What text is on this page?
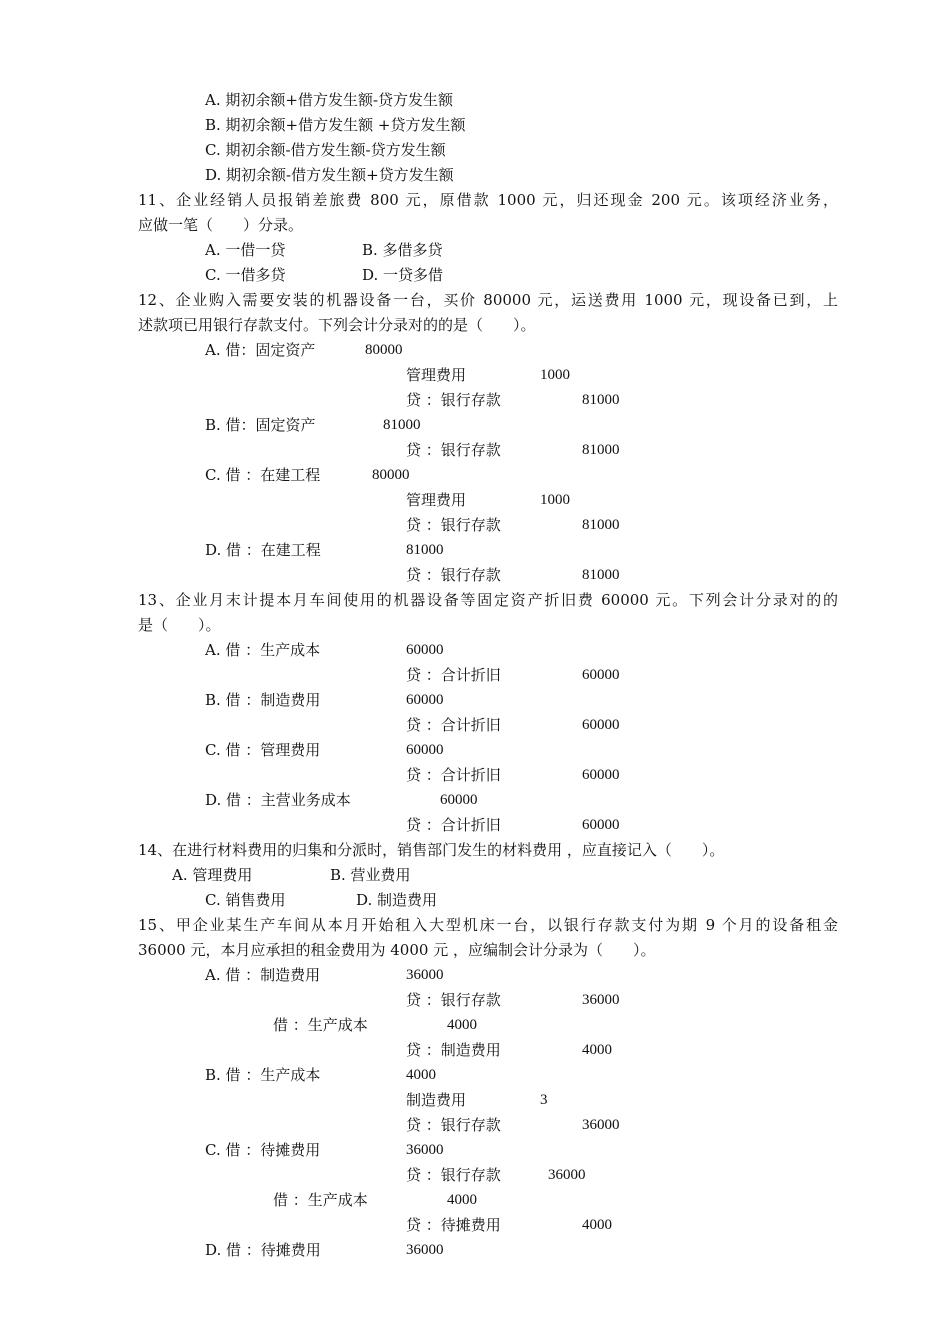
A. 期初余额+借方发生额-贷方发生额
B. 期初余额+借方发生额 +贷方发生额
C. 期初余额-借方发生额-贷方发生额
D. 期初余额-借方发生额+贷方发生额
11、企业经销人员报销差旅费 800 元，原借款 1000 元，归还现金 200 元。该项经济业务，
应做一笔（　　）分录。
A. 一借一贷	B. 多借多贷
C. 一借多贷	D. 一贷多借
12、企业购入需要安装的机器设备一台，买价 80000 元，运送费用 1000 元，现设备已到，上
述款项已用银行存款支付。下列会计分录对的的是（　　）。
A. 借：固定资产	80000
管理费用	1000
贷 ：银行存款	81000
B. 借：固定资产	81000
贷 ：银行存款	81000
C. 借 ：在建工程	80000
管理费用	1000
贷 ：银行存款	81000
D. 借 ：在建工程	81000
贷 ：银行存款	81000
13、企业月末计提本月车间使用的机器设备等固定资产折旧费 60000 元。下列会计分录对的的
是（　　）。
A. 借 ：生产成本	60000
贷 ：合计折旧	60000
B. 借 ：制造费用	60000
贷 ：合计折旧	60000
C. 借 ：管理费用	60000
贷 ：合计折旧	60000
D. 借 ：主营业务成本	60000
贷 ：合计折旧	60000
14、在进行材料费用的归集和分派时，销售部门发生的材料费用 ，应直接记入（　　）。
A. 管理费用	B. 营业费用
C. 销售费用	D. 制造费用
15、甲企业某生产车间从本月开始租入大型机床一台，以银行存款支付为期 9 个月的设备租金
36000 元，本月应承担的租金费用为 4000 元 ，应编制会计分录为（　　）。
A. 借 ：制造费用	36000
贷 ：银行存款	36000
借 ：生产成本	4000
贷 ：制造费用	4000
B. 借 ：生产成本	4000
制造费用	3
贷 ：银行存款	36000
C. 借 ：待摊费用	36000
贷 ：银行存款	36000
借 ：生产成本	4000
贷 ：待摊费用	4000
D. 借 ：待摊费用	36000
